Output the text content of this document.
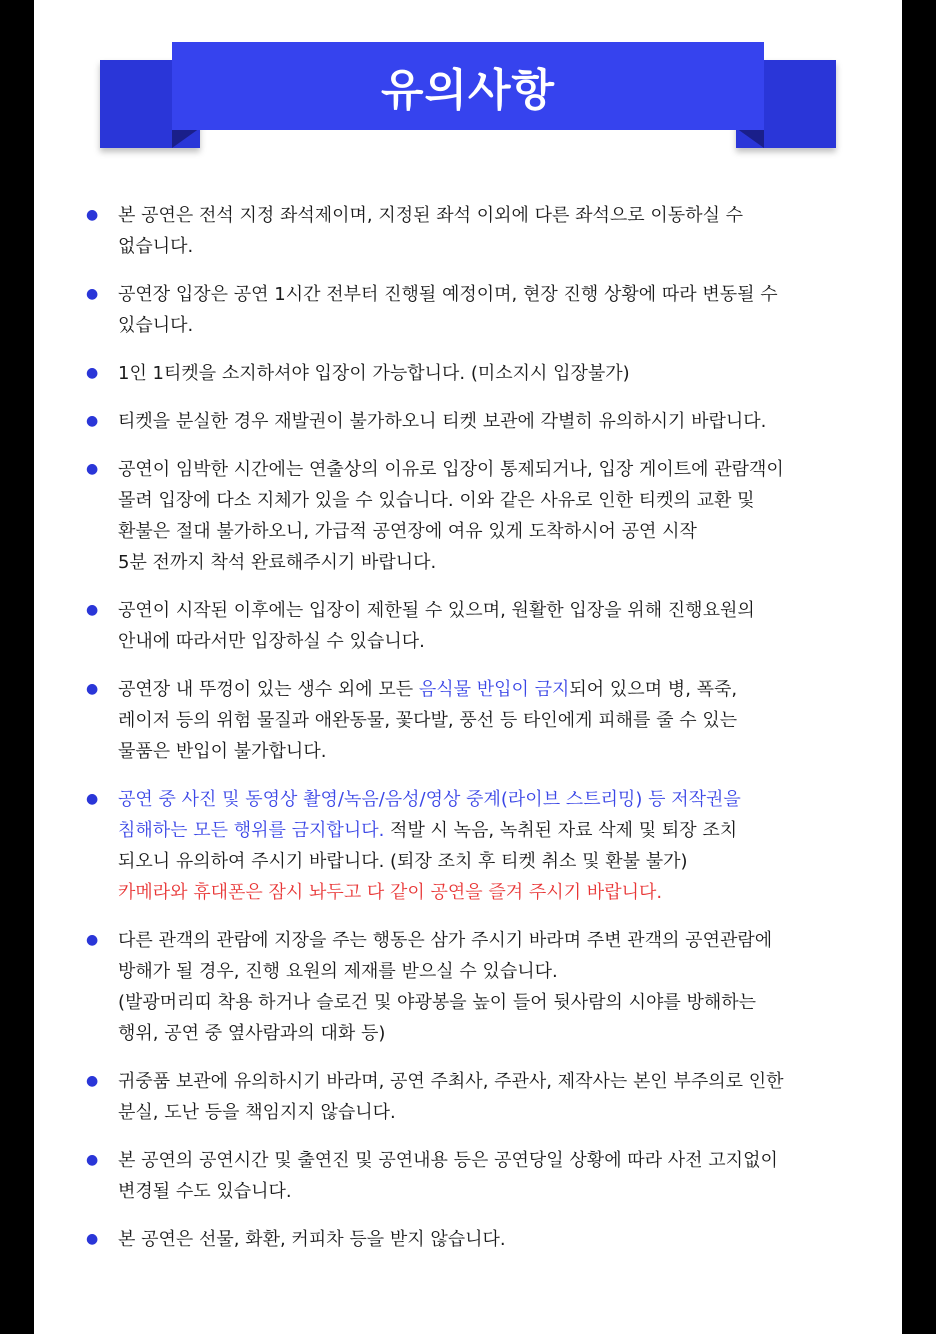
유의사항
● 본 공연은 전석 지정 좌석제이며, 지정된 좌석 이외에 다른 좌석으로 이동하실 수
없습니다.
● 공연장 입장은 공연 1시간 전부터 진행될 예정이며, 현장 진행 상황에 따라 변동될 수
있습니다.
● 1인 1티켓을 소지하셔야 입장이 가능합니다. (미소지시 입장불가)
● 티켓을 분실한 경우 재발권이 불가하오니 티켓 보관에 각별히 유의하시기 바랍니다.
● 공연이 임박한 시간에는 연출상의 이유로 입장이 통제되거나, 입장 게이트에 관람객이
몰려 입장에 다소 지체가 있을 수 있습니다. 이와 같은 사유로 인한 티켓의 교환 및
환불은 절대 불가하오니, 가급적 공연장에 여유 있게 도착하시어 공연 시작
5분 전까지 착석 완료해주시기 바랍니다.
● 공연이 시작된 이후에는 입장이 제한될 수 있으며, 원활한 입장을 위해 진행요원의
안내에 따라서만 입장하실 수 있습니다.
● 공연장 내 뚜껑이 있는 생수 외에 모든 음식물 반입이 금지되어 있으며 병, 폭죽,
레이저 등의 위험 물질과 애완동물, 꽃다발, 풍선 등 타인에게 피해를 줄 수 있는
물품은 반입이 불가합니다.
● 공연 중 사진 및 동영상 촬영/녹음/음성/영상 중계(라이브 스트리밍) 등 저작권을
침해하는 모든 행위를 금지합니다. 적발 시 녹음, 녹취된 자료 삭제 및 퇴장 조치
되오니 유의하여 주시기 바랍니다. (퇴장 조치 후 티켓 취소 및 환불 불가)
카메라와 휴대폰은 잠시 놔두고 다 같이 공연을 즐겨 주시기 바랍니다.
● 다른 관객의 관람에 지장을 주는 행동은 삼가 주시기 바라며 주변 관객의 공연관람에
방해가 될 경우, 진행 요원의 제재를 받으실 수 있습니다.
(발광머리띠 착용 하거나 슬로건 및 야광봉을 높이 들어 뒷사람의 시야를 방해하는
행위, 공연 중 옆사람과의 대화 등)
● 귀중품 보관에 유의하시기 바라며, 공연 주최사, 주관사, 제작사는 본인 부주의로 인한
분실, 도난 등을 책임지지 않습니다.
● 본 공연의 공연시간 및 출연진 및 공연내용 등은 공연당일 상황에 따라 사전 고지없이
변경될 수도 있습니다.
● 본 공연은 선물, 화환, 커피차 등을 받지 않습니다.
